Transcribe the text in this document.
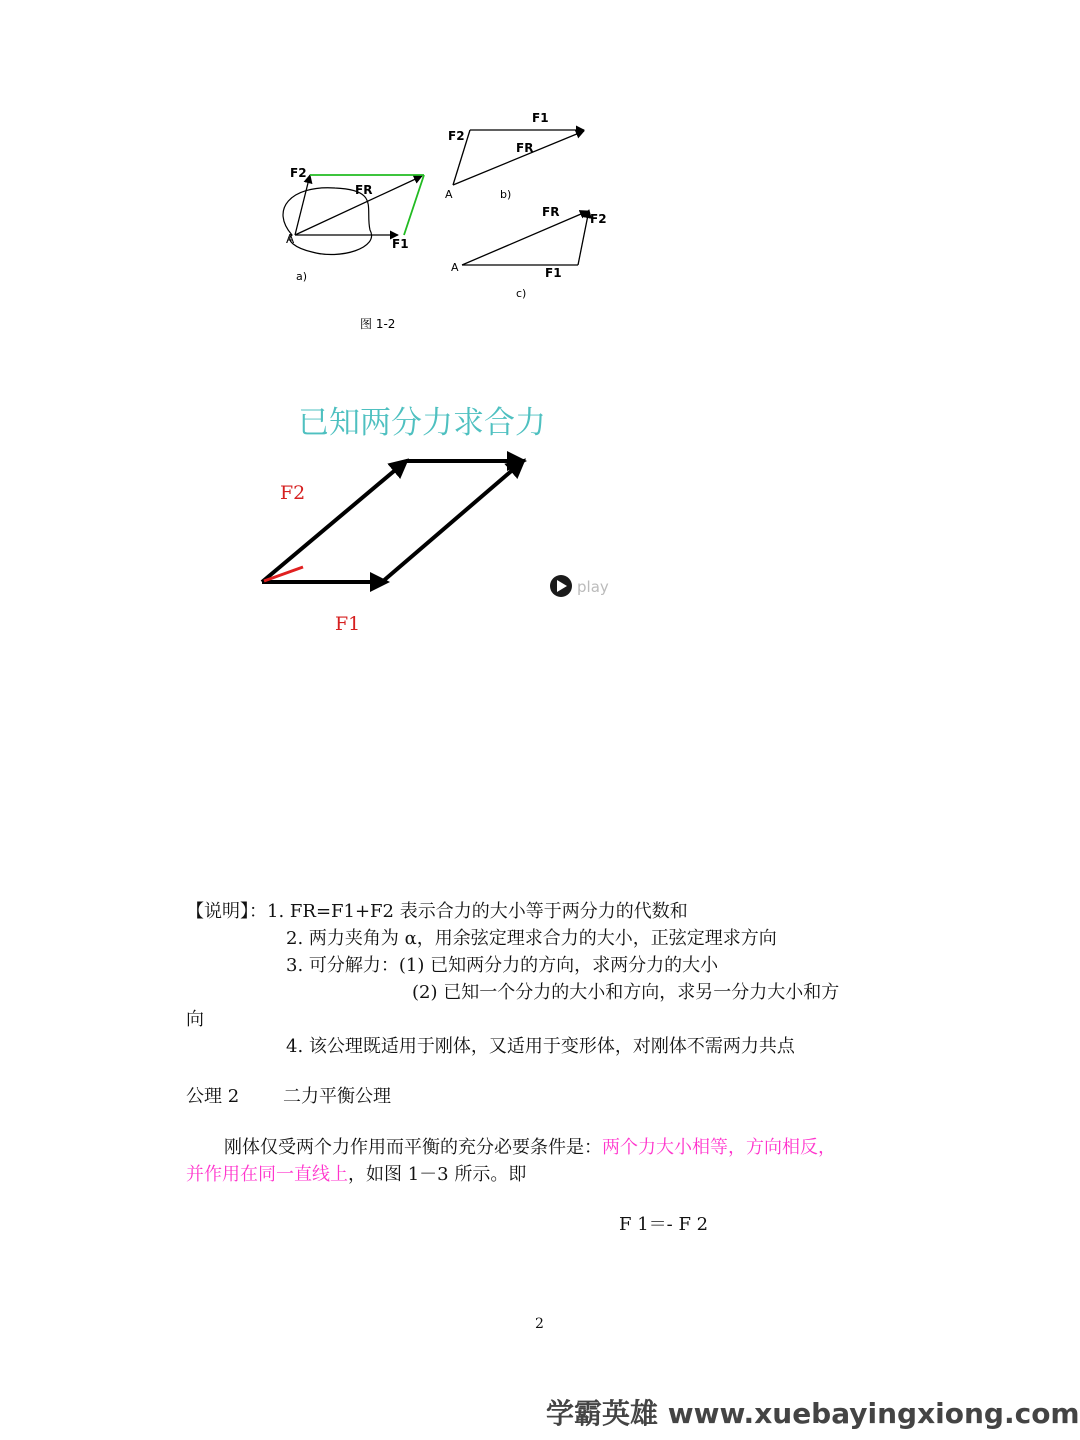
F2
FR
F1
A
a)
F2
F1
FR
A	b)
FR	F2
F1
A
c)
图 1-2
已知两分力求合力
F2
F1
play
【说明】：1. FR=F1+F2 表示合力的大小等于两分力的代数和
2. 两力夹角为 α，用余弦定理求合力的大小，正弦定理求方向
3. 可分解力：(1) 已知两分力的方向，求两分力的大小
(2) 已知一个分力的大小和方向，求另一分力大小和方
向
4. 该公理既适用于刚体，又适用于变形体，对刚体不需两力共点
公理 2 二力平衡公理
刚体仅受两个力作用而平衡的充分必要条件是：两个力大小相等，方向相反，
并作用在同一直线上，如图 1－3 所示。即
F 1＝- F 2
2
学霸英雄 www.xuebayingxiong.com
